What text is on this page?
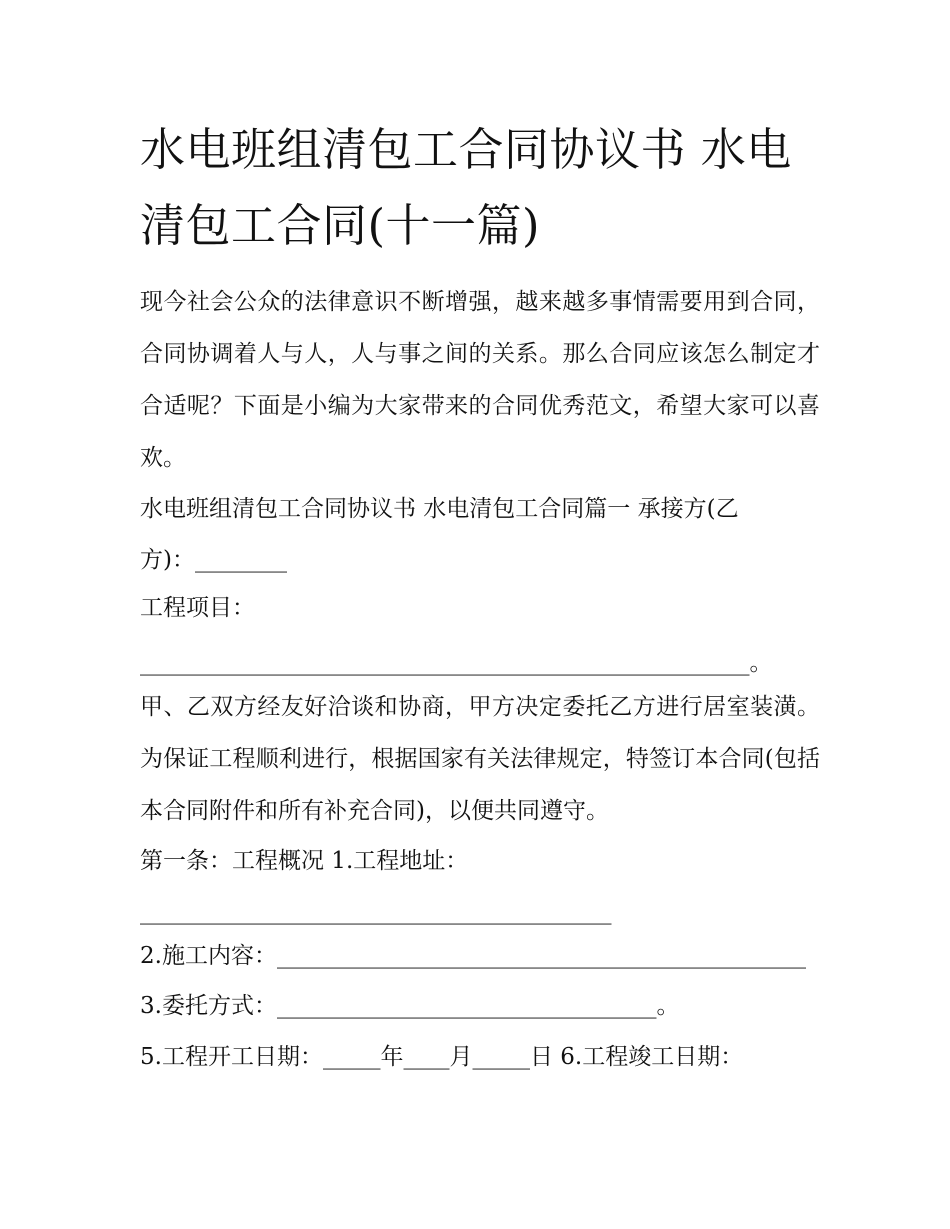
水电班组清包工合同协议书 水电清包工合同(十一篇)

现今社会公众的法律意识不断增强，越来越多事情需要用到合同，合同协调着人与人，人与事之间的关系。那么合同应该怎么制定才合适呢？下面是小编为大家带来的合同优秀范文，希望大家可以喜欢。

水电班组清包工合同协议书 水电清包工合同篇一 承接方(乙

方)：________

工程项目：

_____________________________________________________。

甲、乙双方经友好洽谈和协商，甲方决定委托乙方进行居室装潢。为保证工程顺利进行，根据国家有关法律规定，特签订本合同(包括本合同附件和所有补充合同)，以便共同遵守。

第一条：工程概况 1.工程地址：

_________________________________________

2.施工内容：______________________________________________

3.委托方式：_________________________________。

5.工程开工日期：_____年____月_____日 6.工程竣工日期：
